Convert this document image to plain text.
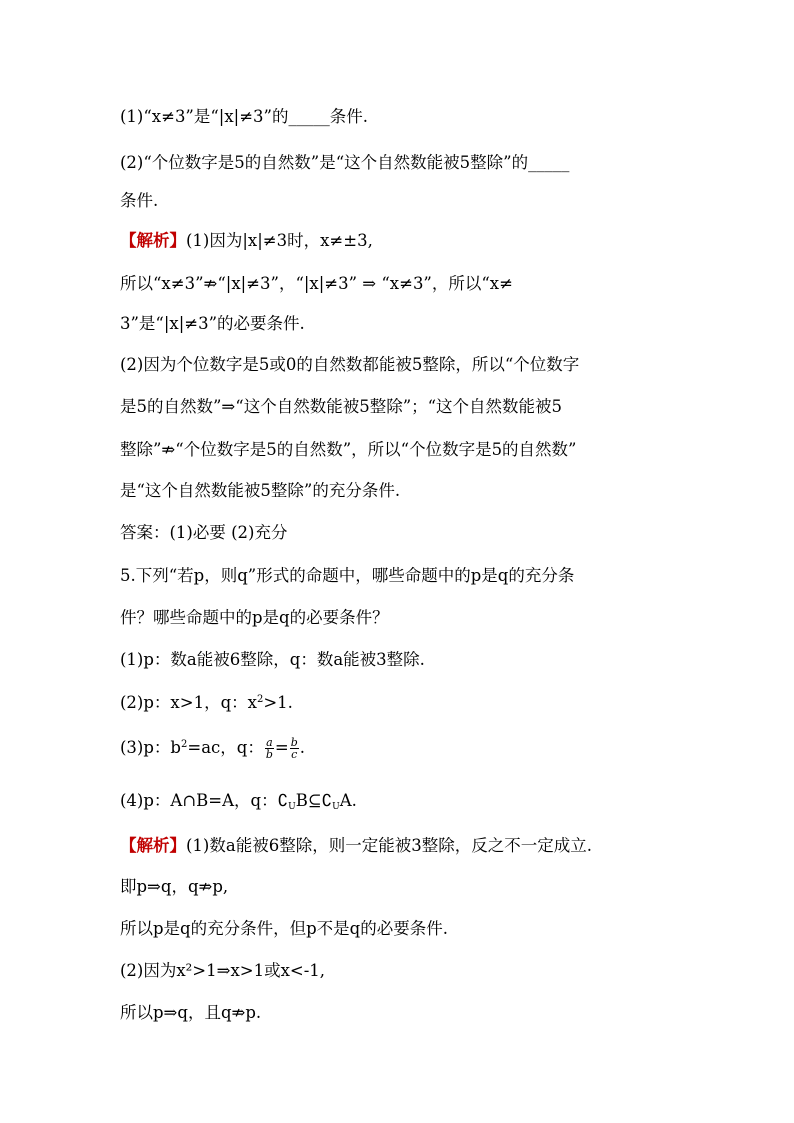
(1)“x≠3”是“|x|≠3”的_____条件.
(2)“个位数字是5的自然数”是“这个自然数能被5整除”的_____
条件.
【解析】(1)因为|x|≠3时，x≠±3,
所以“x≠3”⇏“|x|≠3”，“|x|≠3” ⇒ “x≠3”，所以“x≠
3”是“|x|≠3”的必要条件.
(2)因为个位数字是5或0的自然数都能被5整除，所以“个位数字
是5的自然数”⇒“这个自然数能被5整除”；“这个自然数能被5
整除”⇏“个位数字是5的自然数”，所以“个位数字是5的自然数”
是“这个自然数能被5整除”的充分条件.
答案：(1)必要 (2)充分
5.下列“若p，则q”形式的命题中，哪些命题中的p是q的充分条
件？哪些命题中的p是q的必要条件？
(1)p：数a能被6整除，q：数a能被3整除.
(2)p：x>1，q：$x^2>1$.
(3)p：$b^2=ac$，q： $\frac{a}{b} = \frac{b}{c}$ .
(4)p：A∩B=A，q：$∁_UB⊆∁_UA$.
【解析】(1)数a能被6整除，则一定能被3整除，反之不一定成立.
即p⇒q，q⇏p,
所以p是q的充分条件，但p不是q的必要条件.
(2)因为x²>1⇒x>1或x<-1,
所以p⇒q，且q⇏p.
